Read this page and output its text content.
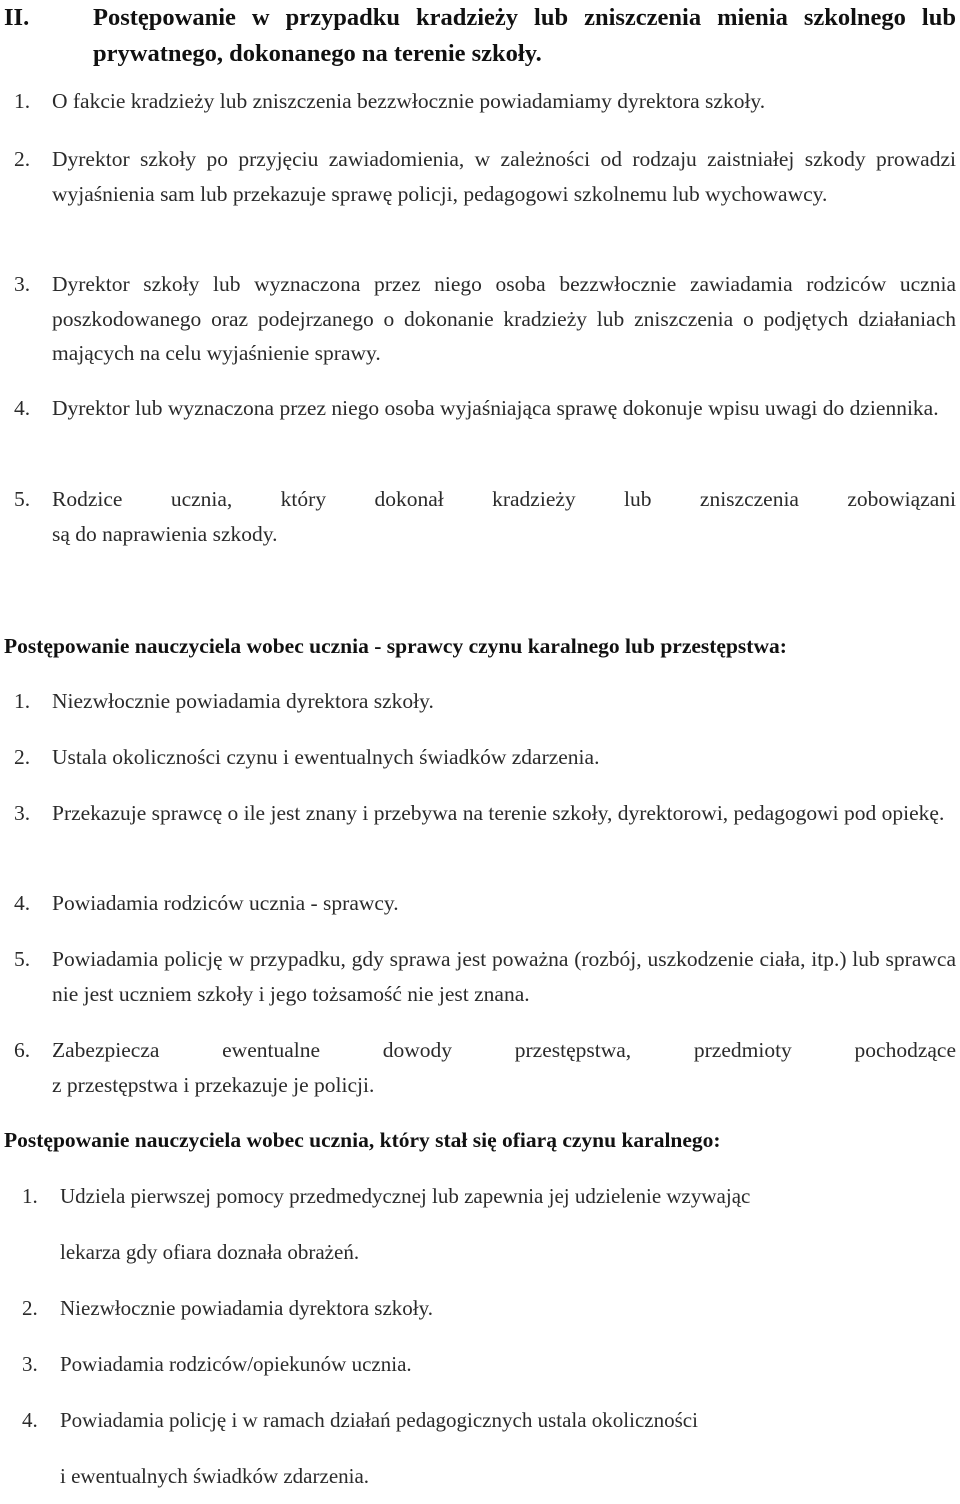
II.	Postępowanie w przypadku kradzieży lub zniszczenia mienia szkolnego lub prywatnego, dokonanego na terenie szkoły.
1. O fakcie kradzieży lub zniszczenia bezzwłocznie powiadamiamy dyrektora szkoły.
2. Dyrektor szkoły po przyjęciu zawiadomienia, w zależności od rodzaju zaistniałej szkody prowadzi wyjaśnienia sam lub przekazuje sprawę policji, pedagogowi szkolnemu lub wychowawcy.
3. Dyrektor szkoły lub wyznaczona przez niego osoba bezzwłocznie zawiadamia rodziców ucznia poszkodowanego oraz podejrzanego o dokonanie kradzieży lub zniszczenia o podjętych działaniach mających na celu wyjaśnienie sprawy.
4. Dyrektor lub wyznaczona przez niego osoba wyjaśniająca sprawę dokonuje wpisu uwagi do dziennika.
5. Rodzice ucznia, który dokonał kradzieży lub zniszczenia zobowiązani
są do naprawienia szkody.
Postępowanie nauczyciela wobec ucznia - sprawcy czynu karalnego lub przestępstwa:
1. Niezwłocznie powiadamia dyrektora szkoły.
2. Ustala okoliczności czynu i ewentualnych świadków zdarzenia.
3. Przekazuje sprawcę o ile jest znany i przebywa na terenie szkoły, dyrektorowi, pedagogowi pod opiekę.
4. Powiadamia rodziców ucznia - sprawcy.
5. Powiadamia policję w przypadku, gdy sprawa jest poważna (rozbój, uszkodzenie ciała, itp.) lub sprawca nie jest uczniem szkoły i jego tożsamość nie jest znana.
6. Zabezpiecza ewentualne dowody przestępstwa, przedmioty pochodzące
z przestępstwa i przekazuje je policji.
Postępowanie nauczyciela wobec ucznia, który stał się ofiarą czynu karalnego:
1. Udziela pierwszej pomocy przedmedycznej lub zapewnia jej udzielenie wzywając
lekarza gdy ofiara doznała obrażeń.
2. Niezwłocznie powiadamia dyrektora szkoły.
3. Powiadamia rodziców/opiekunów ucznia.
4. Powiadamia policję i w ramach działań pedagogicznych ustala okoliczności
i ewentualnych świadków zdarzenia.
